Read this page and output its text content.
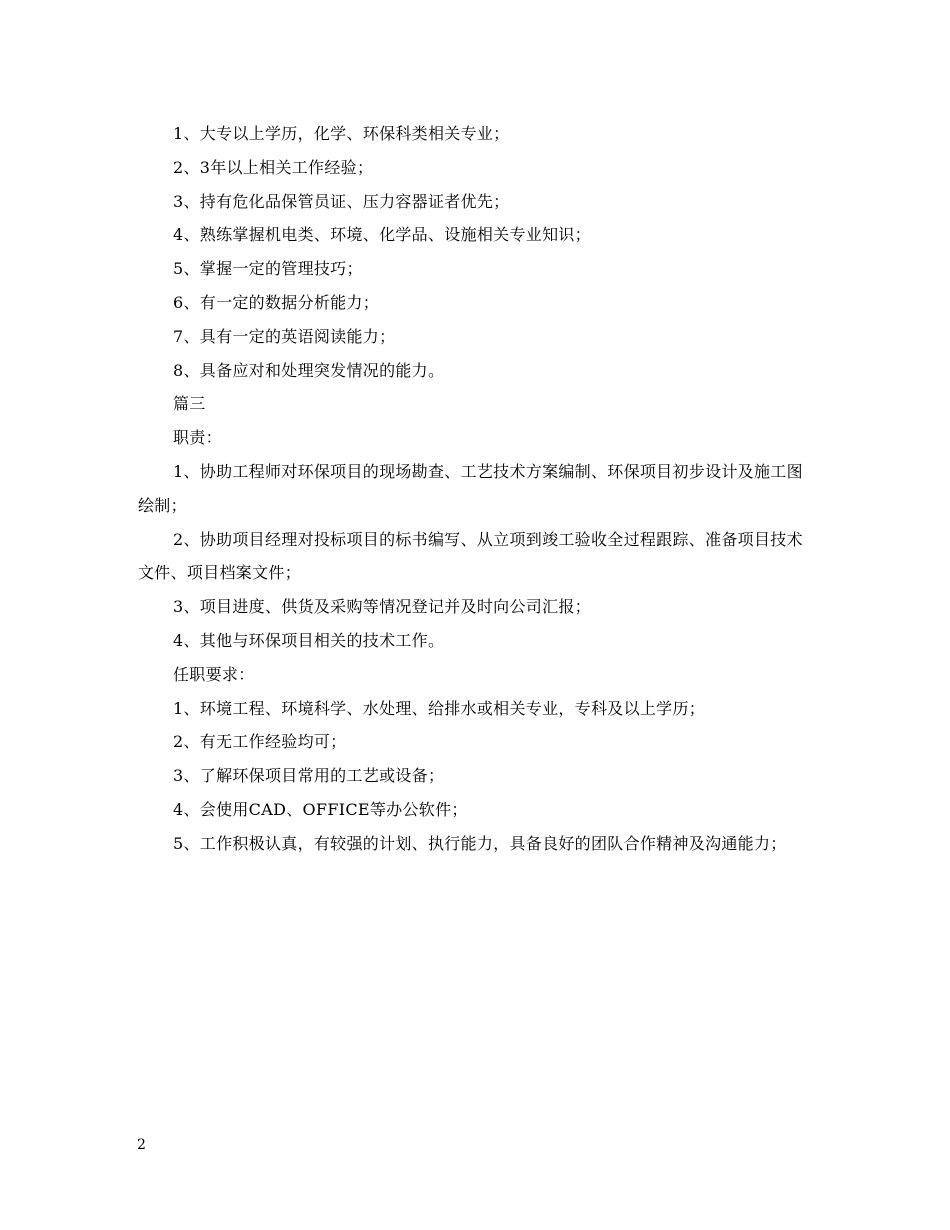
1、大专以上学历，化学、环保科类相关专业；

2、3年以上相关工作经验；

3、持有危化品保管员证、压力容器证者优先；

4、熟练掌握机电类、环境、化学品、设施相关专业知识；

5、掌握一定的管理技巧；

6、有一定的数据分析能力；

7、具有一定的英语阅读能力；

8、具备应对和处理突发情况的能力。

篇三

职责：

1、协助工程师对环保项目的现场勘查、工艺技术方案编制、环保项目初步设计及施工图绘制；

2、协助项目经理对投标项目的标书编写、从立项到竣工验收全过程跟踪、准备项目技术文件、项目档案文件；

3、项目进度、供货及采购等情况登记并及时向公司汇报；

4、其他与环保项目相关的技术工作。

任职要求：

1、环境工程、环境科学、水处理、给排水或相关专业，专科及以上学历；

2、有无工作经验均可；

3、了解环保项目常用的工艺或设备；

4、会使用CAD、OFFICE等办公软件；

5、工作积极认真，有较强的计划、执行能力，具备良好的团队合作精神及沟通能力；

2
